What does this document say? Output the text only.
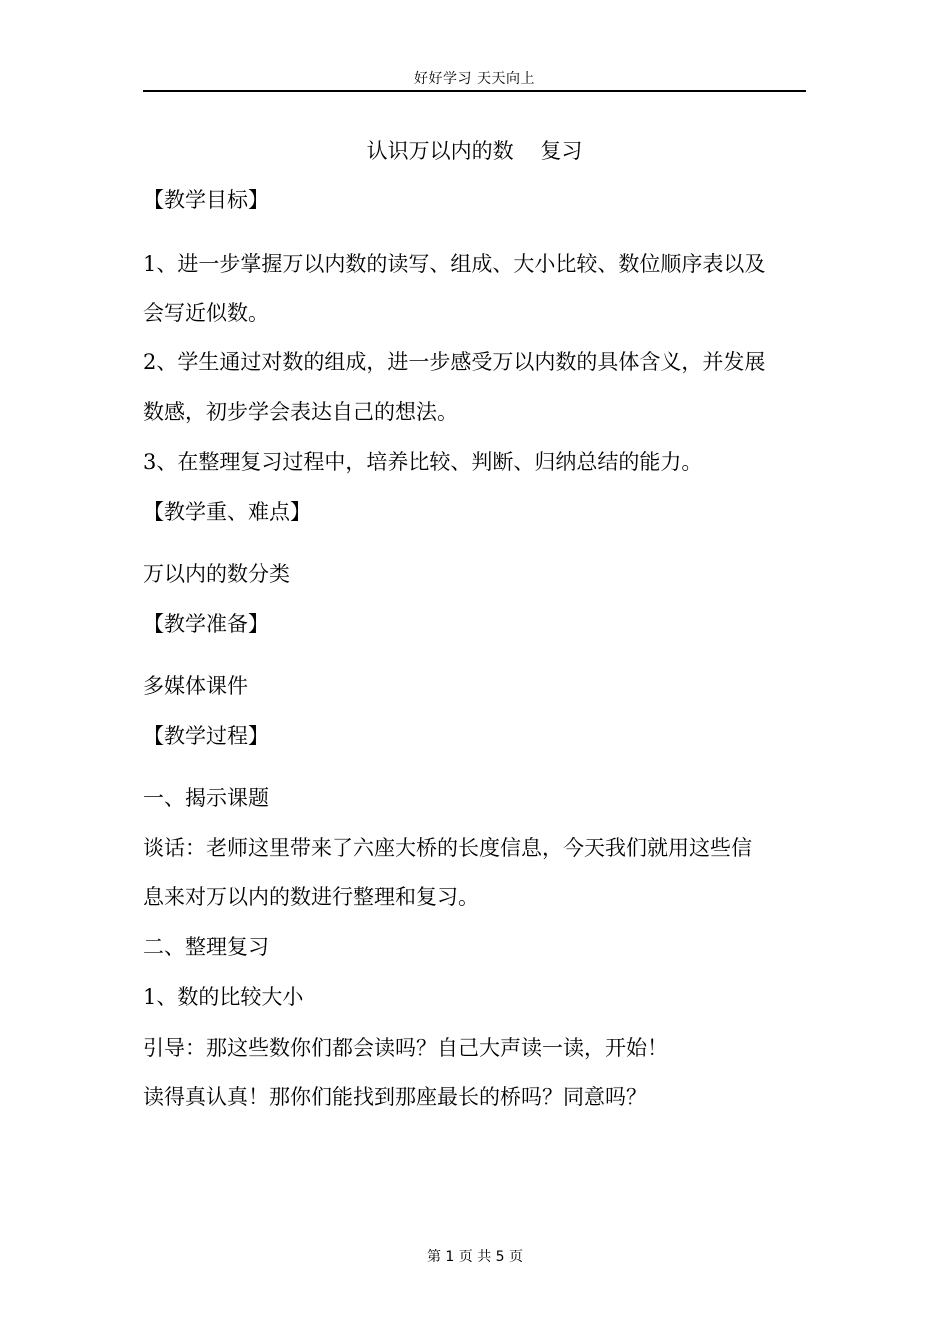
好好学习 天天向上
认识万以内的数    复习
【教学目标】
1、进一步掌握万以内数的读写、组成、大小比较、数位顺序表以及
会写近似数。
2、学生通过对数的组成，进一步感受万以内数的具体含义，并发展
数感，初步学会表达自己的想法。
3、在整理复习过程中，培养比较、判断、归纳总结的能力。
【教学重、难点】
万以内的数分类
【教学准备】
多媒体课件
【教学过程】
一、揭示课题
谈话：老师这里带来了六座大桥的长度信息，今天我们就用这些信
息来对万以内的数进行整理和复习。
二、整理复习
1、数的比较大小
引导：那这些数你们都会读吗？自己大声读一读，开始！
读得真认真！那你们能找到那座最长的桥吗？同意吗？
第 1 页 共 5 页
